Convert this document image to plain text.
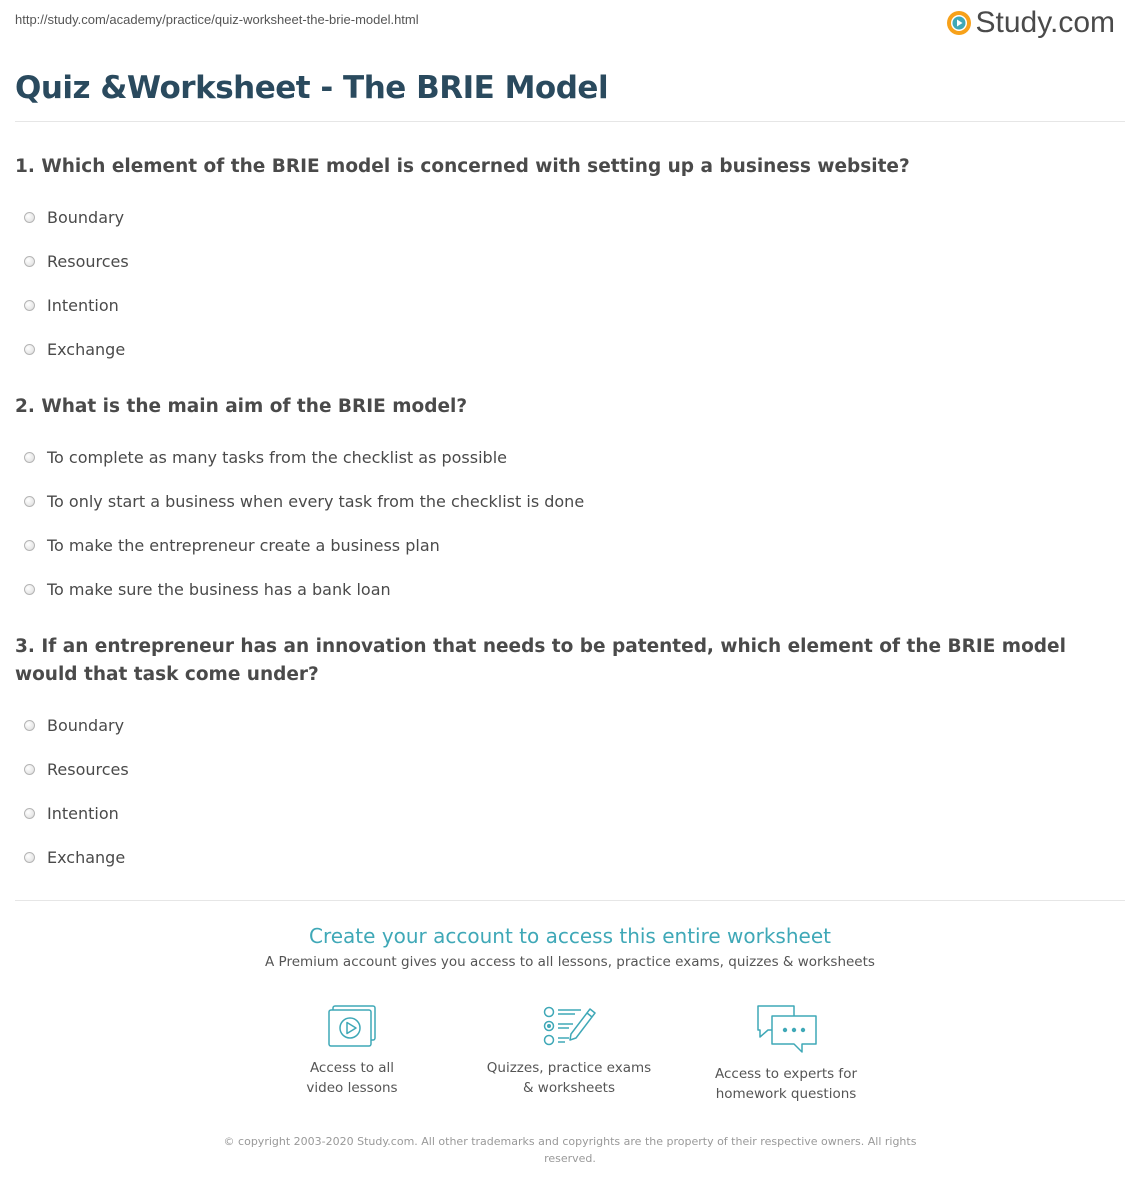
http://study.com/academy/practice/quiz-worksheet-the-brie-model.html	Study.com
Quiz &Worksheet - The BRIE Model
1. Which element of the BRIE model is concerned with setting up a business website?
Boundary
Resources
Intention
Exchange
2. What is the main aim of the BRIE model?
To complete as many tasks from the checklist as possible
To only start a business when every task from the checklist is done
To make the entrepreneur create a business plan
To make sure the business has a bank loan
3. If an entrepreneur has an innovation that needs to be patented, which element of the BRIE model would that task come under?
Boundary
Resources
Intention
Exchange
Create your account to access this entire worksheet
A Premium account gives you access to all lessons, practice exams, quizzes & worksheets
Access to all
video lessons
Quizzes, practice exams
& worksheets
Access to experts for
homework questions
© copyright 2003-2020 Study.com. All other trademarks and copyrights are the property of their respective owners. All rights reserved.
